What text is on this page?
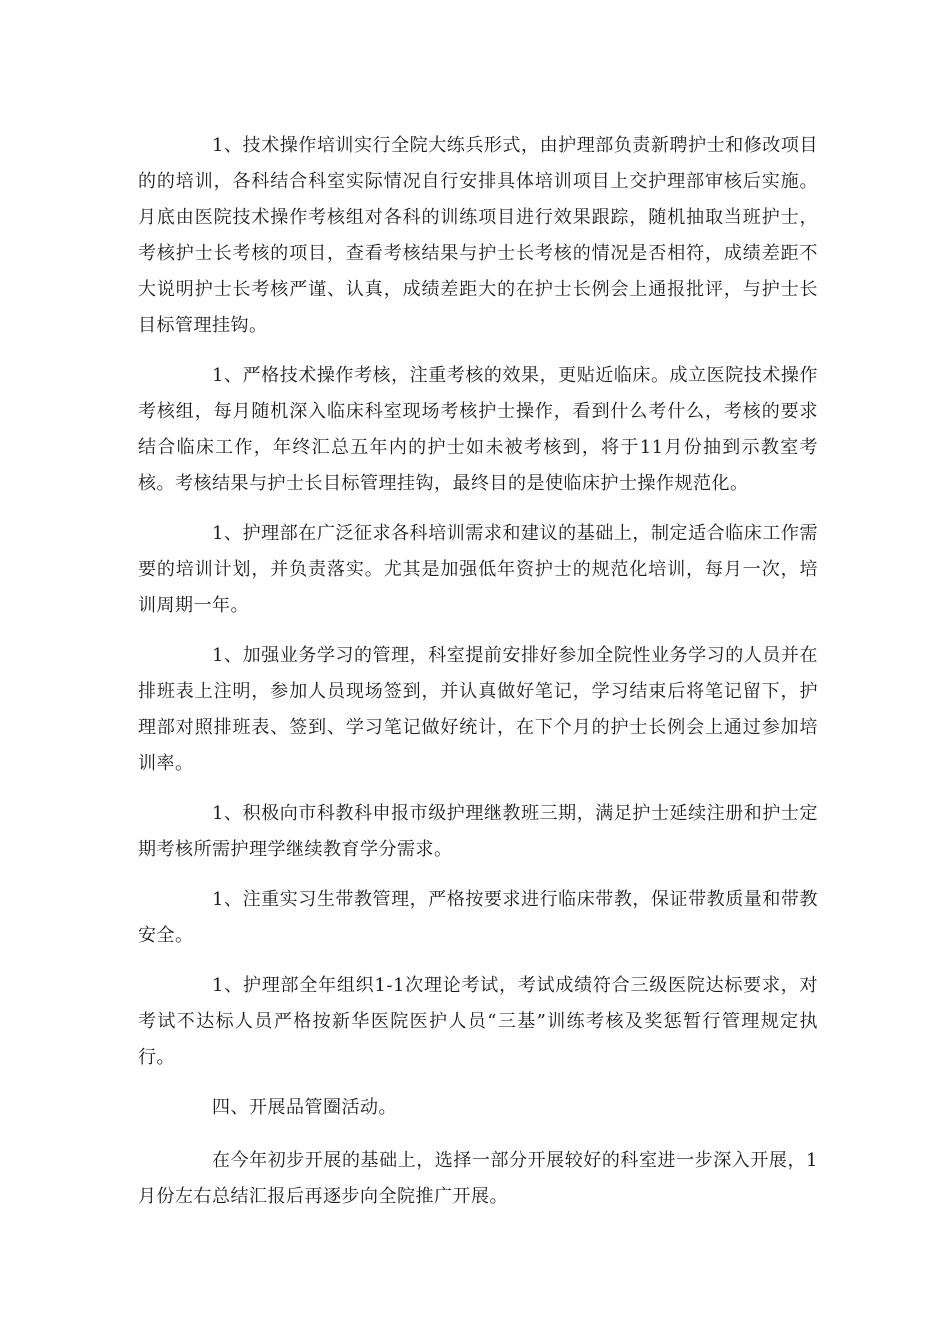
1、技术操作培训实行全院大练兵形式，由护理部负责新聘护士和修改项目的的培训，各科结合科室实际情况自行安排具体培训项目上交护理部审核后实施。月底由医院技术操作考核组对各科的训练项目进行效果跟踪，随机抽取当班护士，考核护士长考核的项目，查看考核结果与护士长考核的情况是否相符，成绩差距不大说明护士长考核严谨、认真，成绩差距大的在护士长例会上通报批评，与护士长目标管理挂钩。

1、严格技术操作考核，注重考核的效果，更贴近临床。成立医院技术操作考核组，每月随机深入临床科室现场考核护士操作，看到什么考什么，考核的要求结合临床工作，年终汇总五年内的护士如未被考核到，将于11月份抽到示教室考核。考核结果与护士长目标管理挂钩，最终目的是使临床护士操作规范化。

1、护理部在广泛征求各科培训需求和建议的基础上，制定适合临床工作需要的培训计划，并负责落实。尤其是加强低年资护士的规范化培训，每月一次，培训周期一年。

1、加强业务学习的管理，科室提前安排好参加全院性业务学习的人员并在排班表上注明，参加人员现场签到，并认真做好笔记，学习结束后将笔记留下，护理部对照排班表、签到、学习笔记做好统计，在下个月的护士长例会上通过参加培训率。

1、积极向市科教科申报市级护理继教班三期，满足护士延续注册和护士定期考核所需护理学继续教育学分需求。

1、注重实习生带教管理，严格按要求进行临床带教，保证带教质量和带教安全。

1、护理部全年组织1-1次理论考试，考试成绩符合三级医院达标要求，对考试不达标人员严格按新华医院医护人员“三基”训练考核及奖惩暂行管理规定执行。

四、开展品管圈活动。

在今年初步开展的基础上，选择一部分开展较好的科室进一步深入开展，1月份左右总结汇报后再逐步向全院推广开展。
